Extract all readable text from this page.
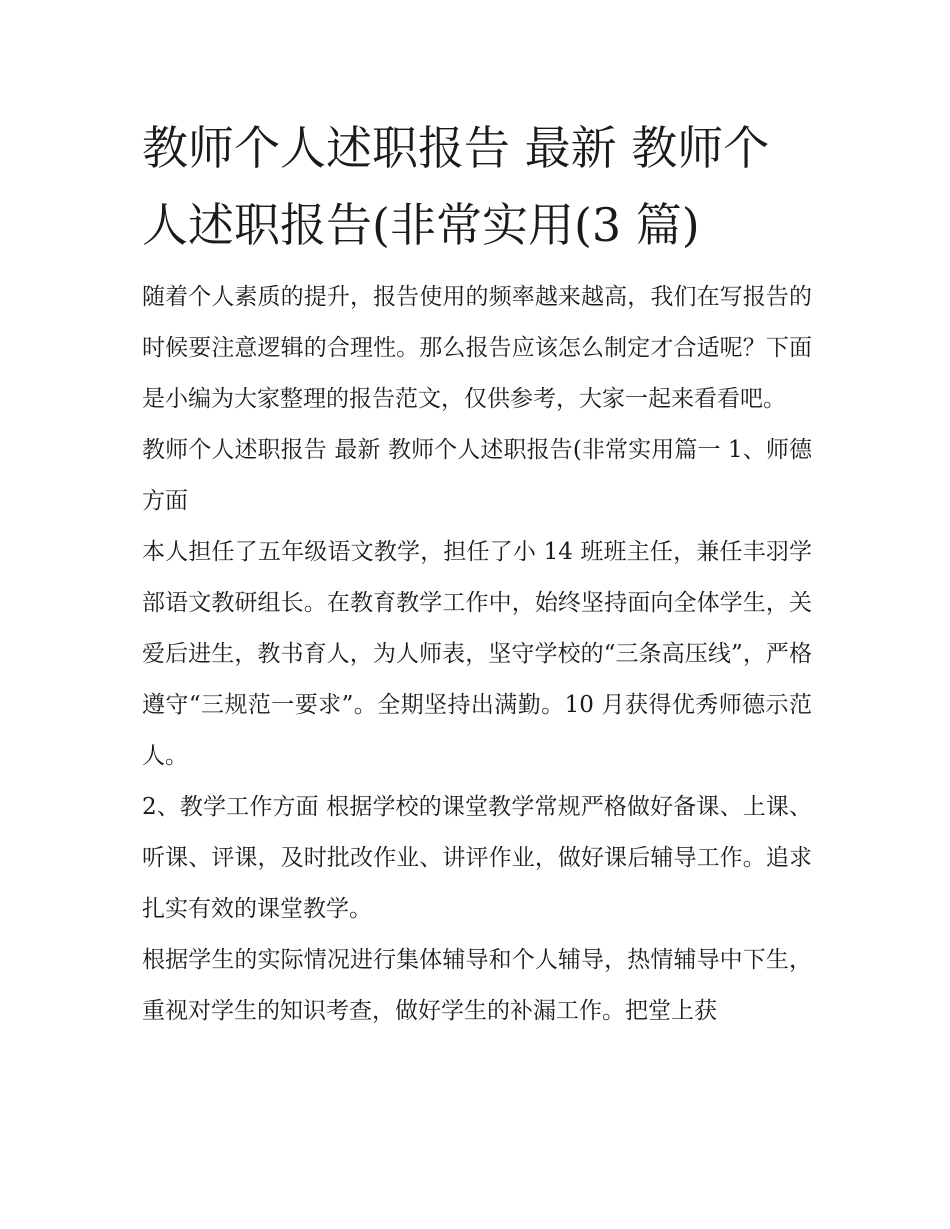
教师个人述职报告 最新 教师个人述职报告(非常实用(3 篇)

随着个人素质的提升，报告使用的频率越来越高，我们在写报告的时候要注意逻辑的合理性。那么报告应该怎么制定才合适呢？下面是小编为大家整理的报告范文，仅供参考，大家一起来看看吧。

教师个人述职报告 最新 教师个人述职报告(非常实用篇一 1、师德方面

本人担任了五年级语文教学，担任了小 14 班班主任，兼任丰羽学部语文教研组长。在教育教学工作中，始终坚持面向全体学生，关爱后进生，教书育人，为人师表，坚守学校的“三条高压线”，严格遵守“三规范一要求”。全期坚持出满勤。10 月获得优秀师德示范人。

2、教学工作方面 根据学校的课堂教学常规严格做好备课、上课、听课、评课，及时批改作业、讲评作业，做好课后辅导工作。追求扎实有效的课堂教学。

根据学生的实际情况进行集体辅导和个人辅导，热情辅导中下生，重视对学生的知识考查，做好学生的补漏工作。把堂上获
